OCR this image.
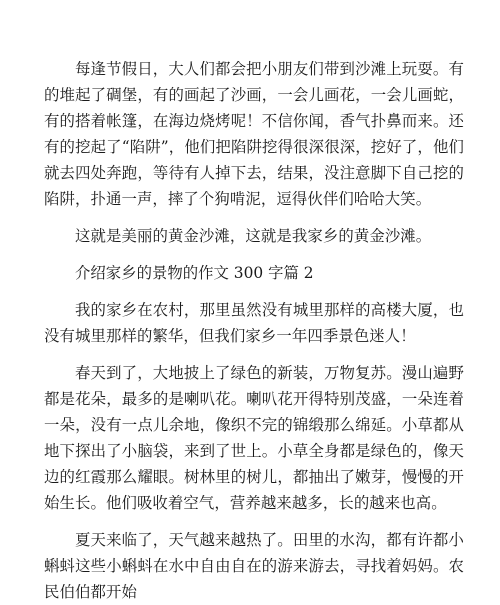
每逢节假日，大人们都会把小朋友们带到沙滩上玩耍。有的堆起了碉堡，有的画起了沙画，一会儿画花，一会儿画蛇，有的搭着帐篷，在海边烧烤呢！不信你闻，香气扑鼻而来。还有的挖起了“陷阱”，他们把陷阱挖得很深很深，挖好了，他们就去四处奔跑，等待有人掉下去，结果，没注意脚下自己挖的陷阱，扑通一声，摔了个狗啃泥，逗得伙伴们哈哈大笑。

这就是美丽的黄金沙滩，这就是我家乡的黄金沙滩。

介绍家乡的景物的作文 300 字篇 2

我的家乡在农村，那里虽然没有城里那样的高楼大厦，也没有城里那样的繁华，但我们家乡一年四季景色迷人！

春天到了，大地披上了绿色的新装，万物复苏。漫山遍野都是花朵，最多的是喇叭花。喇叭花开得特别茂盛，一朵连着一朵，没有一点儿余地，像织不完的锦缎那么绵延。小草都从地下探出了小脑袋，来到了世上。小草全身都是绿色的，像天边的红霞那么耀眼。树林里的树儿，都抽出了嫩芽，慢慢的开始生长。他们吸收着空气，营养越来越多，长的越来也高。

夏天来临了，天气越来越热了。田里的水沟，都有许都小蝌蚪这些小蝌蚪在水中自由自在的游来游去，寻找着妈妈。农民伯伯都开始
